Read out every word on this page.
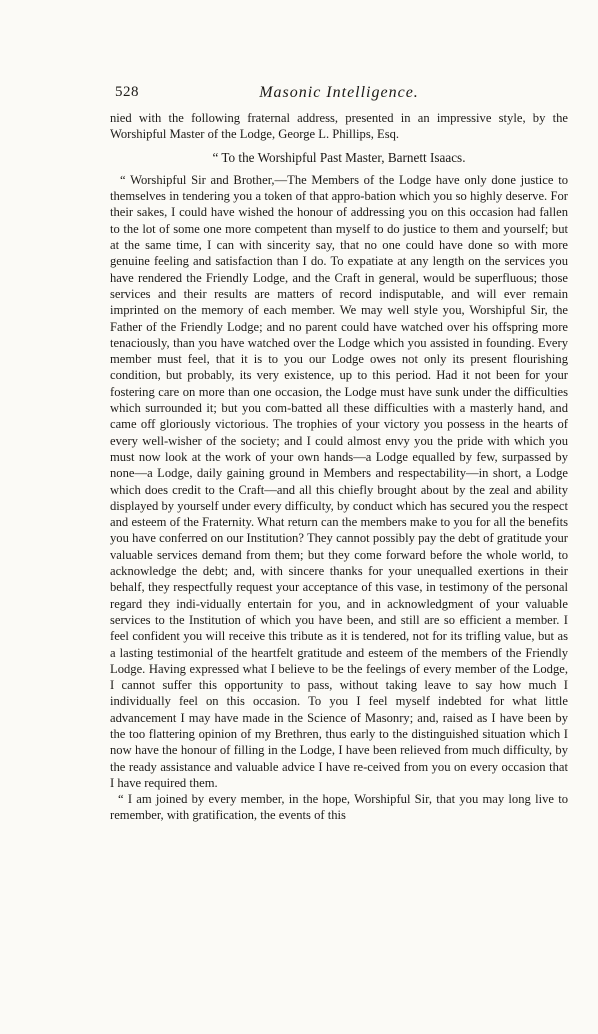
528	Masonic Intelligence.

nied with the following fraternal address, presented in an impressive style, by the Worshipful Master of the Lodge, George L. Phillips, Esq.

“ To the Worshipful Past Master, Barnett Isaacs.

“ Worshipful Sir and Brother,—The Members of the Lodge have only done justice to themselves in tendering you a token of that appro-bation which you so highly deserve. For their sakes, I could have wished the honour of addressing you on this occasion had fallen to the lot of some one more competent than myself to do justice to them and yourself; but at the same time, I can with sincerity say, that no one could have done so with more genuine feeling and satisfaction than I do. To expatiate at any length on the services you have rendered the Friendly Lodge, and the Craft in general, would be superfluous; those services and their results are matters of record indisputable, and will ever remain imprinted on the memory of each member. We may well style you, Worshipful Sir, the Father of the Friendly Lodge; and no parent could have watched over his offspring more tenaciously, than you have watched over the Lodge which you assisted in founding. Every member must feel, that it is to you our Lodge owes not only its present flourishing condition, but probably, its very existence, up to this period. Had it not been for your fostering care on more than one occasion, the Lodge must have sunk under the difficulties which surrounded it; but you com-batted all these difficulties with a masterly hand, and came off gloriously victorious. The trophies of your victory you possess in the hearts of every well-wisher of the society; and I could almost envy you the pride with which you must now look at the work of your own hands—a Lodge equalled by few, surpassed by none—a Lodge, daily gaining ground in Members and respectability—in short, a Lodge which does credit to the Craft—and all this chiefly brought about by the zeal and ability displayed by yourself under every difficulty, by conduct which has secured you the respect and esteem of the Fraternity. What return can the members make to you for all the benefits you have conferred on our Institution? They cannot possibly pay the debt of gratitude your valuable services demand from them; but they come forward before the whole world, to acknowledge the debt; and, with sincere thanks for your unequalled exertions in their behalf, they respectfully request your acceptance of this vase, in testimony of the personal regard they indi-vidually entertain for you, and in acknowledgment of your valuable services to the Institution of which you have been, and still are so efficient a member. I feel confident you will receive this tribute as it is tendered, not for its trifling value, but as a lasting testimonial of the heartfelt gratitude and esteem of the members of the Friendly Lodge. Having expressed what I believe to be the feelings of every member of the Lodge, I cannot suffer this opportunity to pass, without taking leave to say how much I individually feel on this occasion. To you I feel myself indebted for what little advancement I may have made in the Science of Masonry; and, raised as I have been by the too flattering opinion of my Brethren, thus early to the distinguished situation which I now have the honour of filling in the Lodge, I have been relieved from much difficulty, by the ready assistance and valuable advice I have re-ceived from you on every occasion that I have required them.

“ I am joined by every member, in the hope, Worshipful Sir, that you may long live to remember, with gratification, the events of this
